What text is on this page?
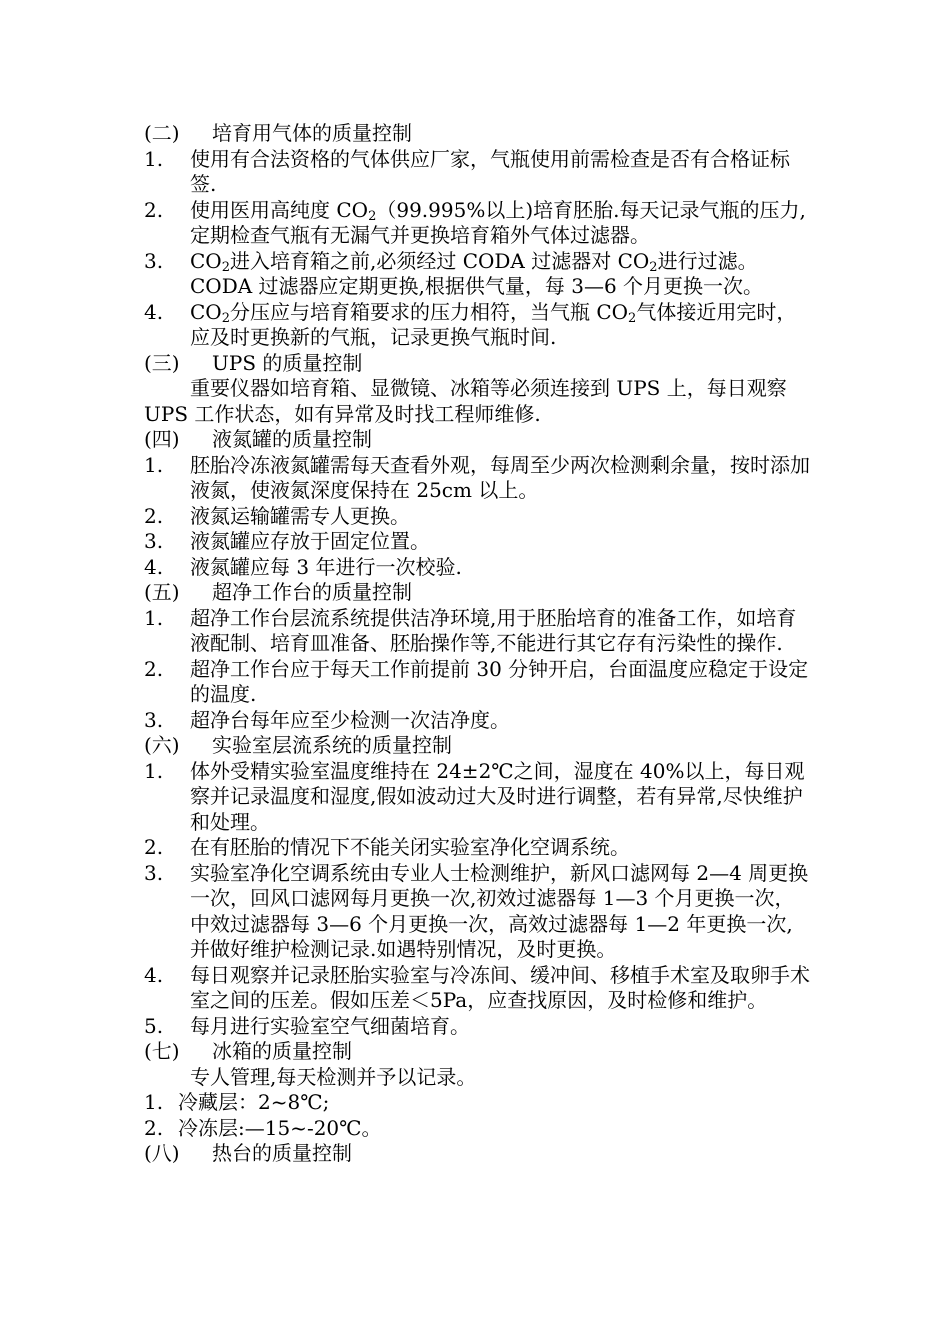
(二)	培育用气体的质量控制
1.	使用有合法资格的气体供应厂家，气瓶使用前需检查是否有合格证标签.
2.	使用医用高纯度 $CO_2(99.995\%$以上)培育胚胎.每天记录气瓶的压力,定期检查气瓶有无漏气并更换培育箱外气体过滤器。
3.	$CO_2$进入培育箱之前,必须经过 CODA 过滤器对 $CO_2$进行过滤。CODA 过滤器应定期更换,根据供气量，每 3—6 个月更换一次。
4.	$CO_2$分压应与培育箱要求的压力相符，当气瓶 $CO_2$气体接近用完时，应及时更换新的气瓶，记录更换气瓶时间.
(三)	UPS 的质量控制
重要仪器如培育箱、显微镜、冰箱等必须连接到 UPS 上，每日观察 UPS 工作状态，如有异常及时找工程师维修.
(四)	液氮罐的质量控制
1.	胚胎冷冻液氮罐需每天查看外观，每周至少两次检测剩余量，按时添加液氮，使液氮深度保持在 25cm 以上。
2.	液氮运输罐需专人更换。
3.	液氮罐应存放于固定位置。
4.	液氮罐应每 3 年进行一次校验.
(五)	超净工作台的质量控制
1.	超净工作台层流系统提供洁净环境,用于胚胎培育的准备工作，如培育液配制、培育皿准备、胚胎操作等,不能进行其它存有污染性的操作.
2.	超净工作台应于每天工作前提前 30 分钟开启，台面温度应稳定于设定的温度.
3.	超净台每年应至少检测一次洁净度。
(六)	实验室层流系统的质量控制
1.	体外受精实验室温度维持在 24±2℃之间，湿度在 40%以上，每日观察并记录温度和湿度,假如波动过大及时进行调整，若有异常,尽快维护和处理。
2.	在有胚胎的情况下不能关闭实验室净化空调系统。
3.	实验室净化空调系统由专业人士检测维护，新风口滤网每 2—4 周更换一次，回风口滤网每月更换一次,初效过滤器每 1—3 个月更换一次，中效过滤器每 3—6 个月更换一次，高效过滤器每 1—2 年更换一次,并做好维护检测记录.如遇特别情况，及时更换。
4.	每日观察并记录胚胎实验室与冷冻间、缓冲间、移植手术室及取卵手术室之间的压差。假如压差＜5Pa，应查找原因，及时检修和维护。
5.	每月进行实验室空气细菌培育。
(七)	冰箱的质量控制
专人管理,每天检测并予以记录。
1. 冷藏层：2~8℃;
2. 冷冻层:—15~-20℃。
(八)	热台的质量控制
